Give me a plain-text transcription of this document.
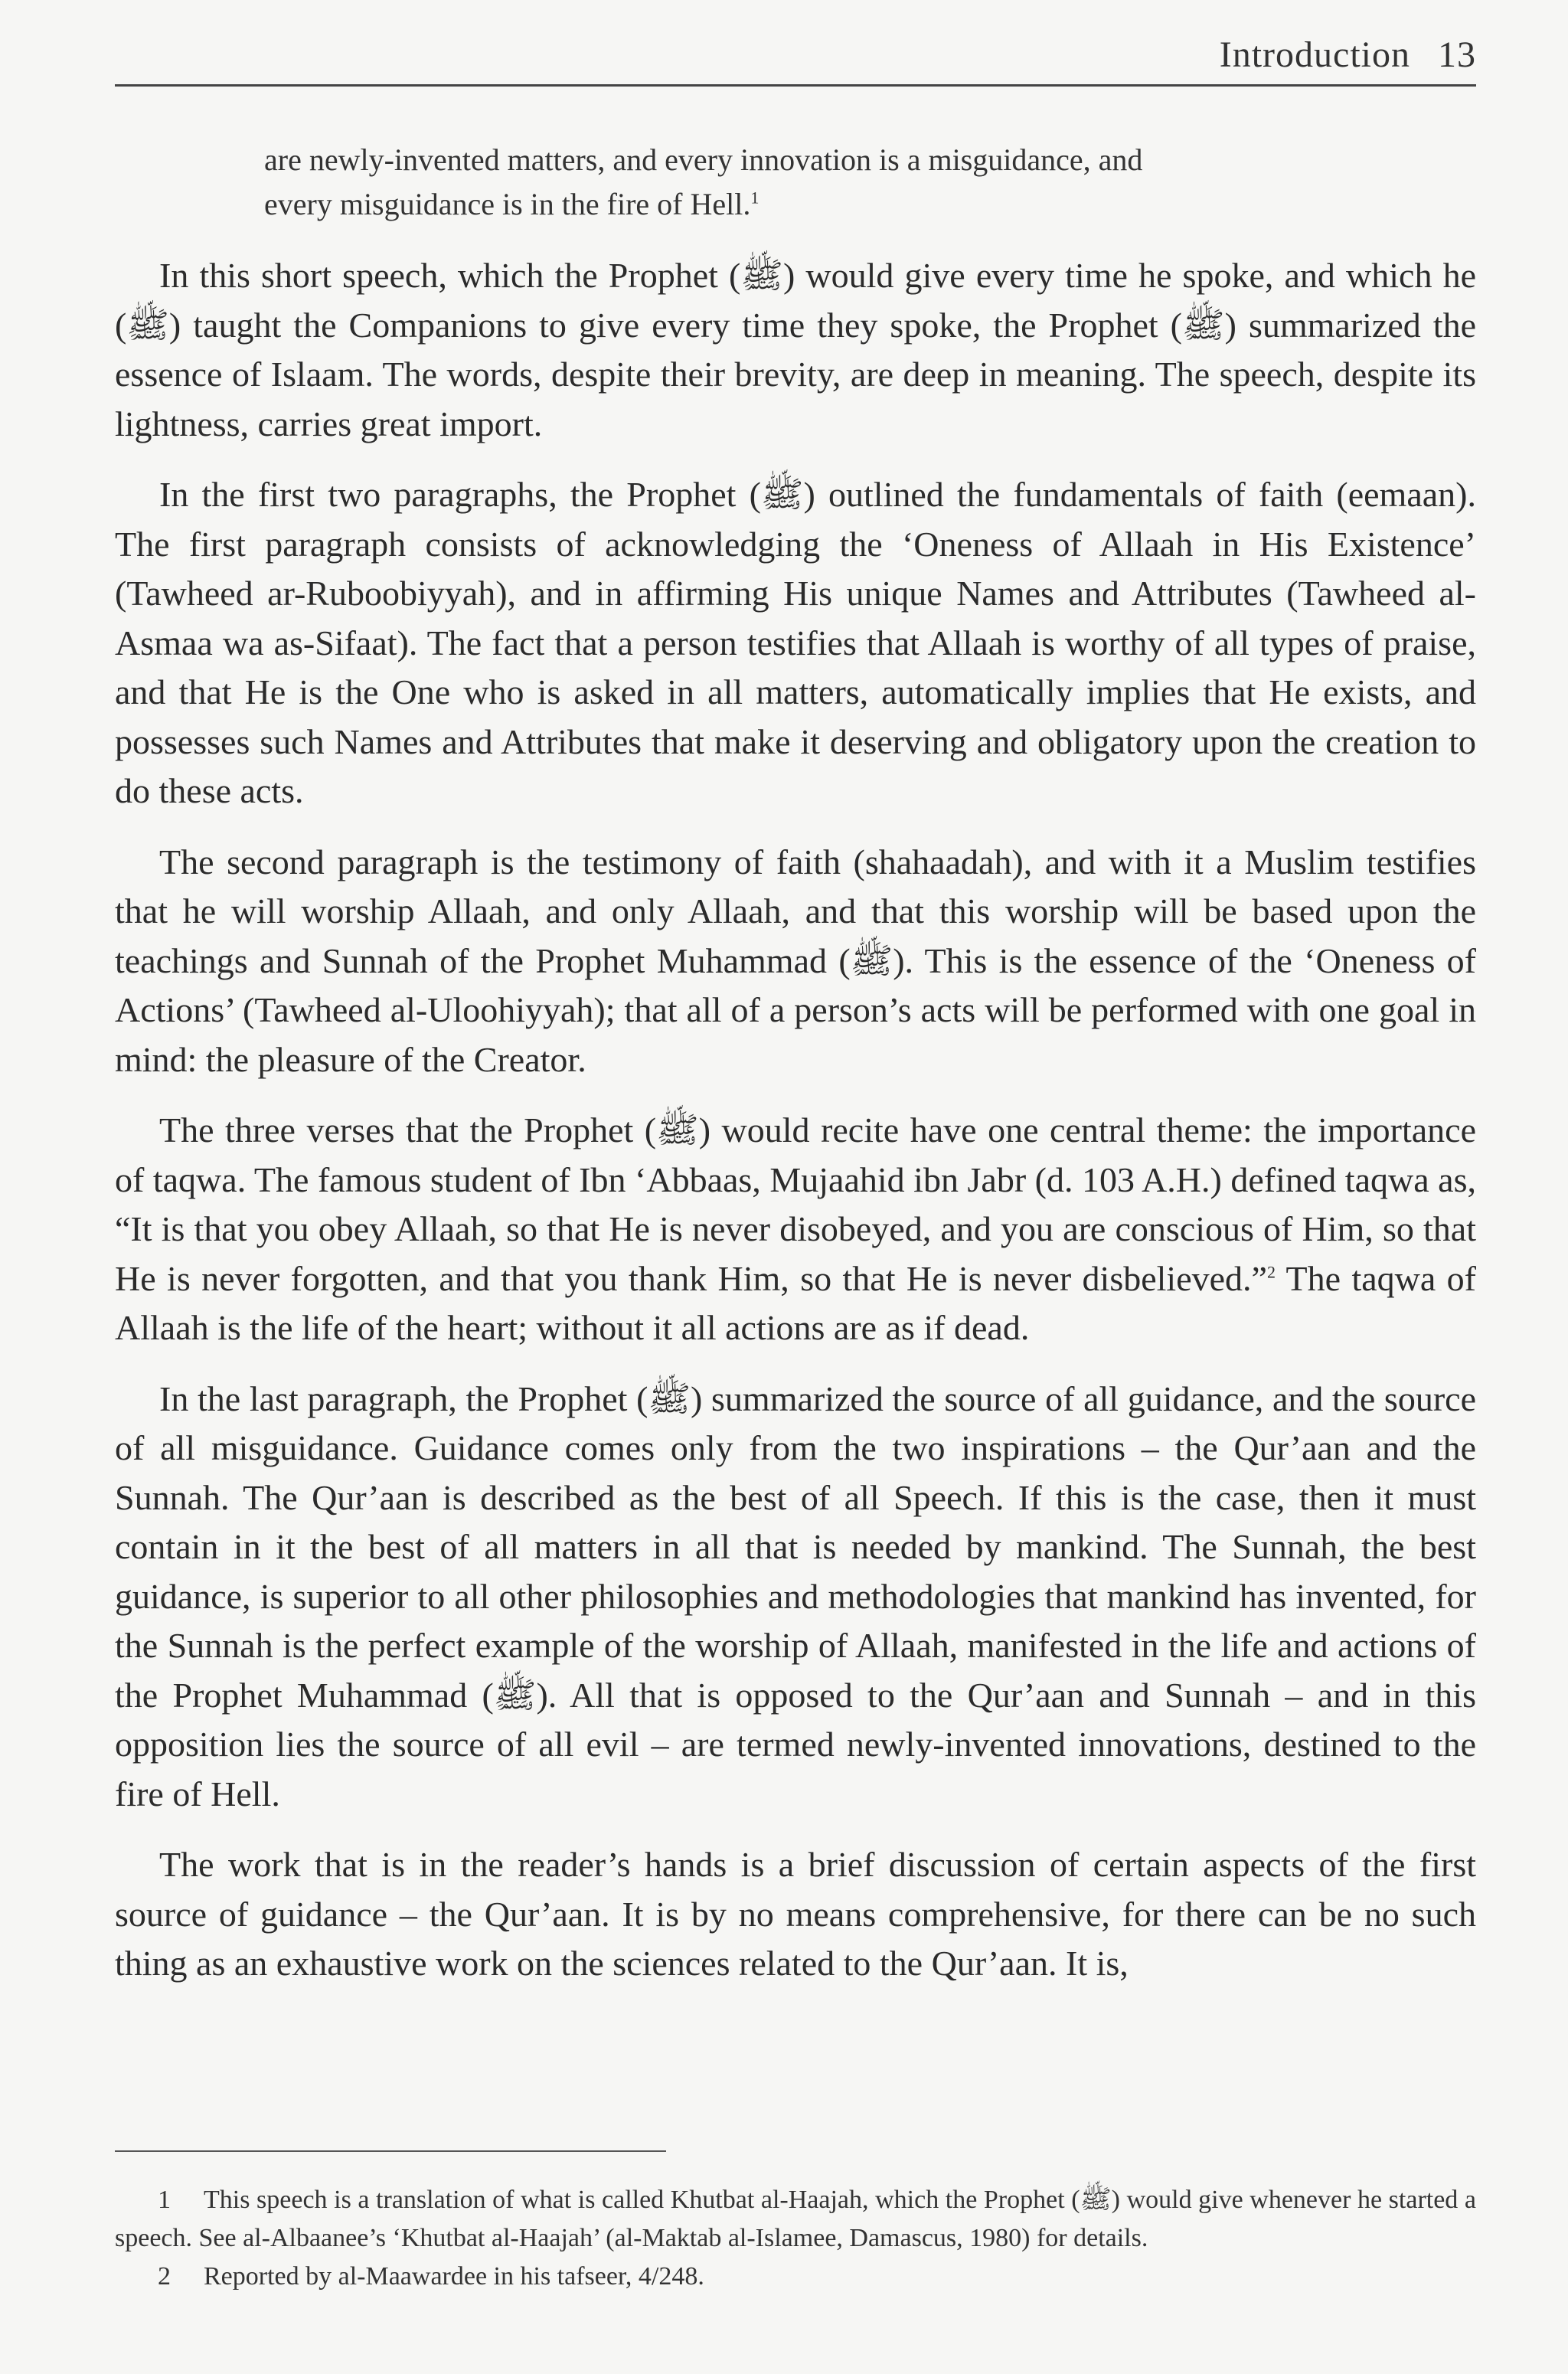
Introduction 13
are newly-invented matters, and every innovation is a misguidance, and
every misguidance is in the fire of Hell.$^1$

In this short speech, which the Prophet (ﷺ) would give every time he spoke, and which he (ﷺ) taught the Companions to give every time they spoke, the Prophet (ﷺ) summarized the essence of Islaam. The words, despite their brevity, are deep in meaning. The speech, despite its lightness, carries great import.

In the first two paragraphs, the Prophet (ﷺ) outlined the fundamentals of faith (eemaan). The first paragraph consists of acknowledging the ‘Oneness of Allaah in His Existence’ (Tawheed ar-Ruboobiyyah), and in affirming His unique Names and Attributes (Tawheed al-Asmaa wa as-Sifaat). The fact that a person testifies that Allaah is worthy of all types of praise, and that He is the One who is asked in all matters, automatically implies that He exists, and possesses such Names and Attributes that make it deserving and obligatory upon the creation to do these acts.

The second paragraph is the testimony of faith (shahaadah), and with it a Muslim testifies that he will worship Allaah, and only Allaah, and that this worship will be based upon the teachings and Sunnah of the Prophet Muhammad (ﷺ). This is the essence of the ‘Oneness of Actions’ (Tawheed al-Uloohiyyah); that all of a person’s acts will be performed with one goal in mind: the pleasure of the Creator.

The three verses that the Prophet (ﷺ) would recite have one central theme: the importance of taqwa. The famous student of Ibn ‘Abbaas, Mujaahid ibn Jabr (d. 103 A.H.) defined taqwa as, “It is that you obey Allaah, so that He is never disobeyed, and you are conscious of Him, so that He is never forgotten, and that you thank Him, so that He is never disbelieved.”$^2$ The taqwa of Allaah is the life of the heart; without it all actions are as if dead.

In the last paragraph, the Prophet (ﷺ) summarized the source of all guidance, and the source of all misguidance. Guidance comes only from the two inspirations – the Qur’aan and the Sunnah. The Qur’aan is described as the best of all Speech. If this is the case, then it must contain in it the best of all matters in all that is needed by mankind. The Sunnah, the best guidance, is superior to all other philosophies and methodologies that mankind has invented, for the Sunnah is the perfect example of the worship of Allaah, manifested in the life and actions of the Prophet Muhammad (ﷺ). All that is opposed to the Qur’aan and Sunnah – and in this opposition lies the source of all evil – are termed newly-invented innovations, destined to the fire of Hell.

The work that is in the reader’s hands is a brief discussion of certain aspects of the first source of guidance – the Qur’aan. It is by no means comprehensive, for there can be no such thing as an exhaustive work on the sciences related to the Qur’aan. It is,

1 This speech is a translation of what is called Khutbat al-Haajah, which the Prophet (ﷺ) would give whenever he started a speech. See al-Albaanee’s ‘Khutbat al-Haajah’ (al-Maktab al-Islamee, Damascus, 1980) for details.

2 Reported by al-Maawardee in his tafseer, 4/248.
